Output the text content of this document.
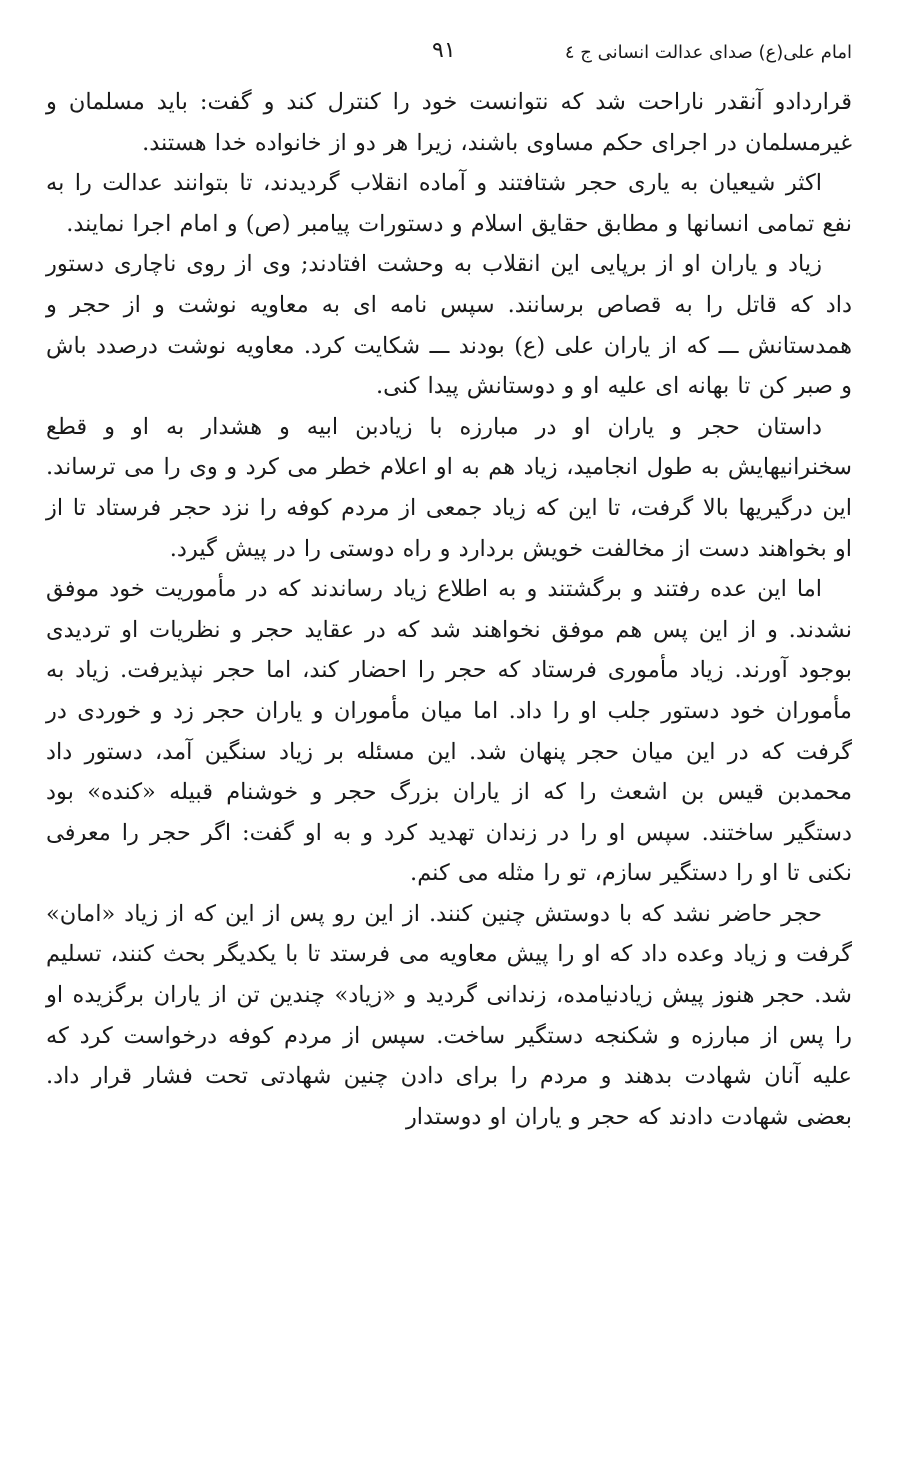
امام علی(ع) صدای عدالت انسانی ج ٤
٩١

قراردادو آنقدر ناراحت شد که نتوانست خود را کنترل کند و گفت: باید مسلمان و غیرمسلمان در اجرای حکم مساوی باشند، زیرا هر دو از خانواده خدا هستند.

اکثر شیعیان به یاری حجر شتافتند و آماده انقلاب گردیدند، تا بتوانند عدالت را به نفع تمامی انسانها و مطابق حقایق اسلام و دستورات پیامبر (ص) و امام اجرا نمایند.

زیاد و یاران او از برپایی این انقلاب به وحشت افتادند; وی از روی ناچاری دستور داد که قاتل را به قصاص برسانند. سپس نامه ای به معاویه نوشت و از حجر و همدستانش ـــ که از یاران علی (ع) بودند ـــ شکایت کرد. معاویه نوشت درصدد باش و صبر کن تا بهانه ای علیه او و دوستانش پیدا کنی.

داستان حجر و یاران او در مبارزه با زیادبن ابیه و هشدار به او و قطع سخنرانیهایش به طول انجامید، زیاد هم به او اعلام خطر می کرد و وی را می ترساند. این درگیریها بالا گرفت، تا این که زیاد جمعی از مردم کوفه را نزد حجر فرستاد تا از او بخواهند دست از مخالفت خویش بردارد و راه دوستی را در پیش گیرد.

اما این عده رفتند و برگشتند و به اطلاع زیاد رساندند که در مأموریت خود موفق نشدند. و از این پس هم موفق نخواهند شد که در عقاید حجر و نظریات او تردیدی بوجود آورند. زیاد مأموری فرستاد که حجر را احضار کند، اما حجر نپذیرفت. زیاد به مأموران خود دستور جلب او را داد. اما میان مأموران و یاران حجر زد و خوردی در گرفت که در این میان حجر پنهان شد. این مسئله بر زیاد سنگین آمد، دستور داد محمدبن قیس بن اشعث را که از یاران بزرگ حجر و خوشنام قبیله «کنده» بود دستگیر ساختند. سپس او را در زندان تهدید کرد و به او گفت: اگر حجر را معرفی نکنی تا او را دستگیر سازم، تو را مثله می کنم.

حجر حاضر نشد که با دوستش چنین کنند. از این رو پس از این که از زیاد «امان» گرفت و زیاد وعده داد که او را پیش معاویه می فرستد تا با یکدیگر بحث کنند، تسلیم شد. حجر هنوز پیش زیادنیامده، زندانی گردید و «زیاد» چندین تن از یاران برگزیده او را پس از مبارزه و شکنجه دستگیر ساخت. سپس از مردم کوفه درخواست کرد که علیه آنان شهادت بدهند و مردم را برای دادن چنین شهادتی تحت فشار قرار داد. بعضی شهادت دادند که حجر و یاران او دوستدار
